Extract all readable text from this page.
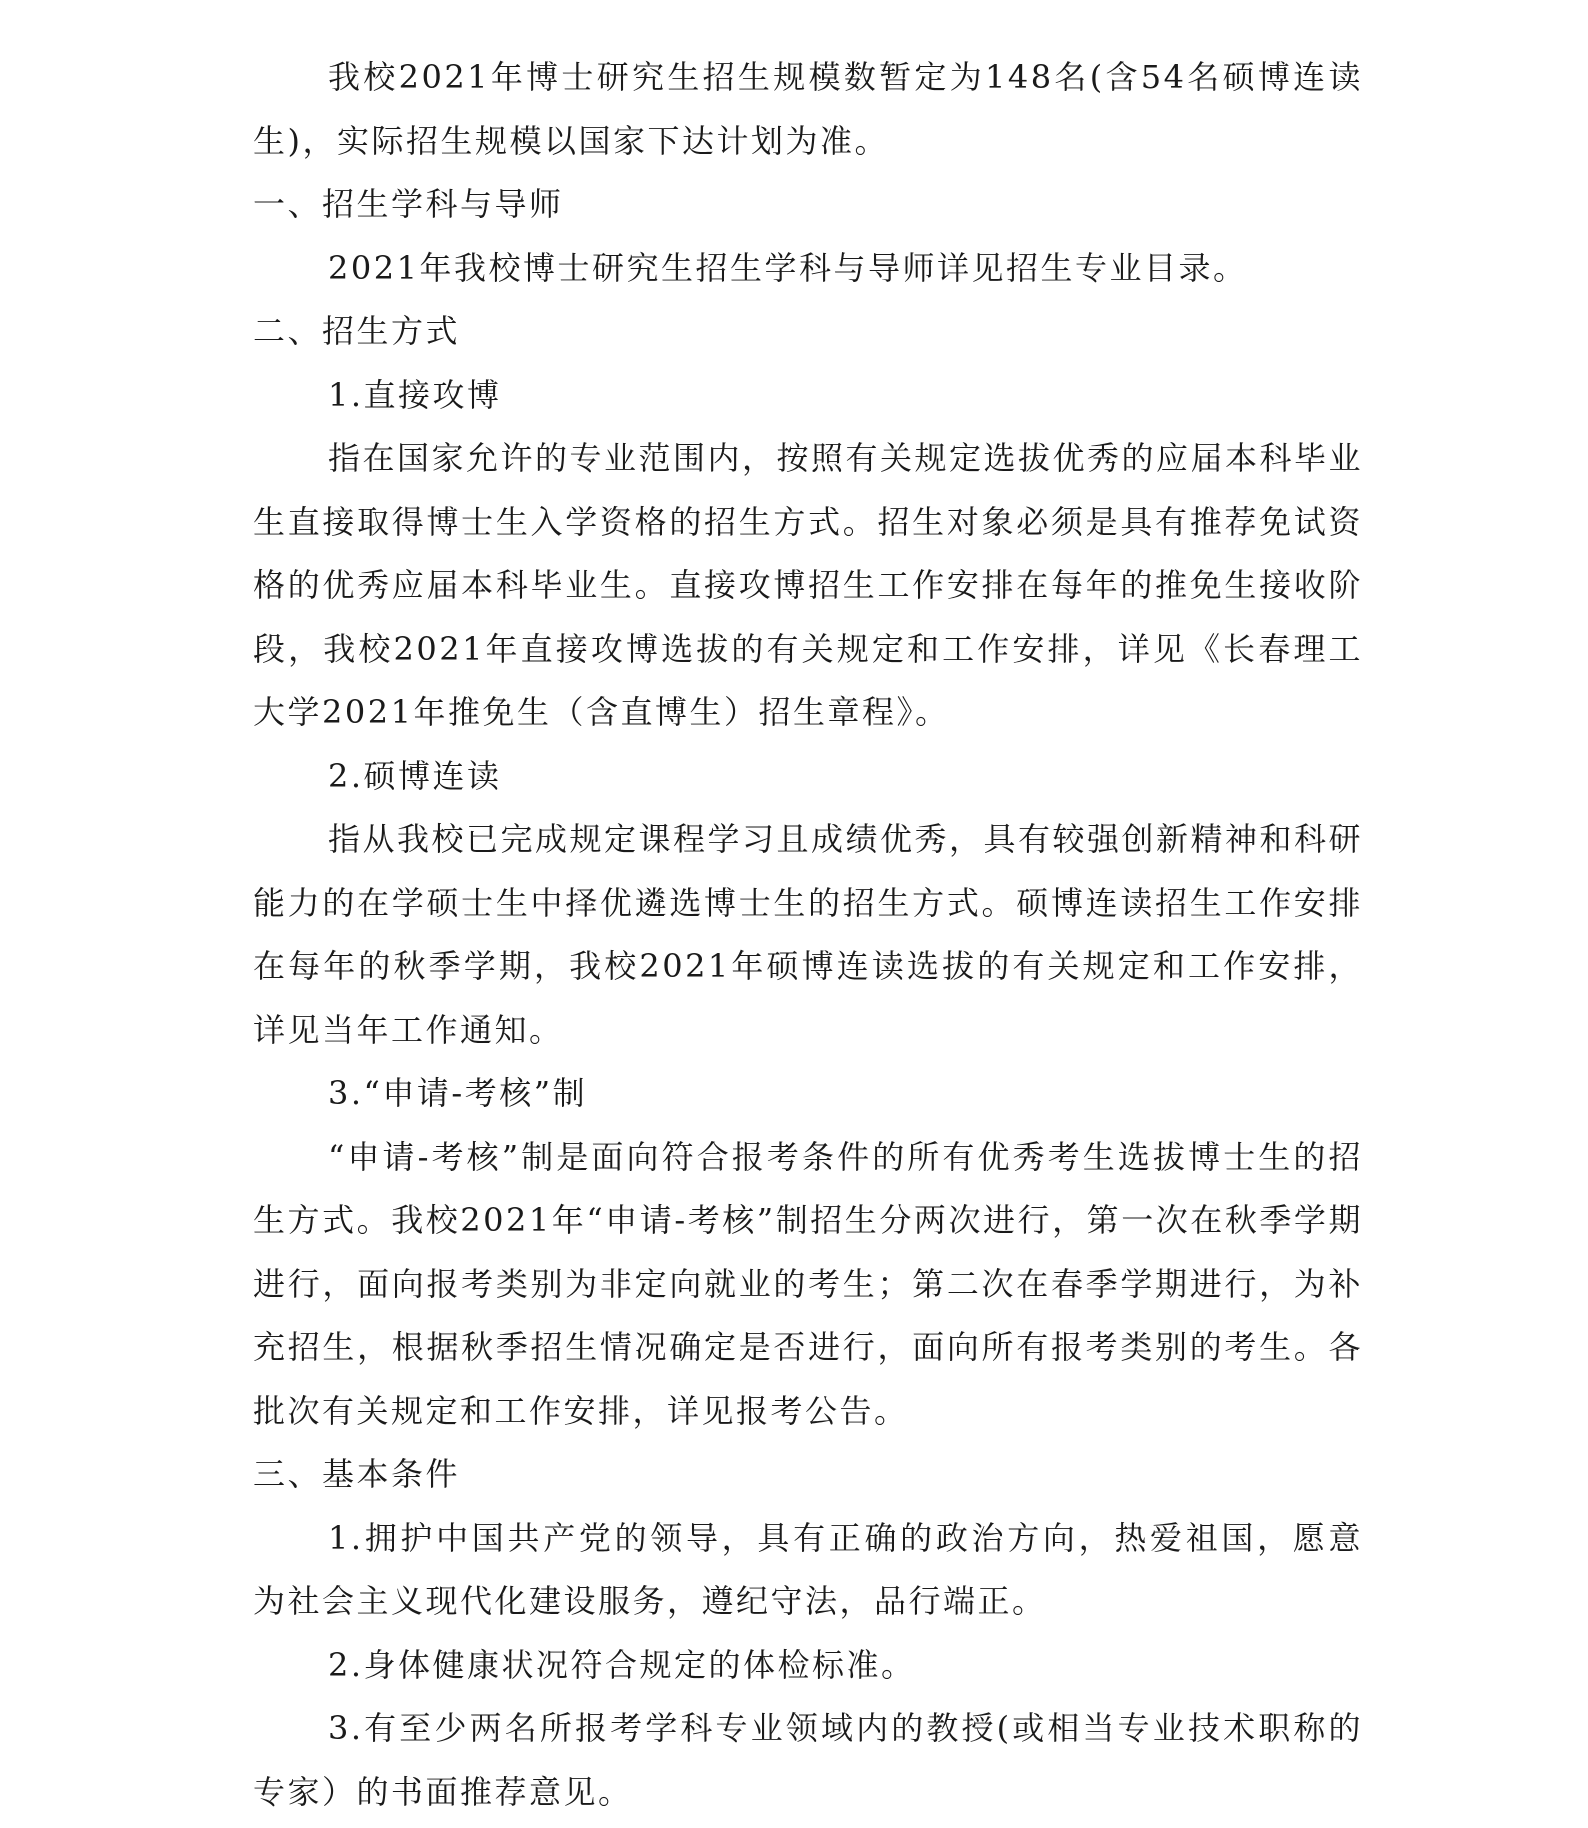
我校2021年博士研究生招生规模数暂定为148名(含54名硕博连读生)，实际招生规模以国家下达计划为准。

一、招生学科与导师

2021年我校博士研究生招生学科与导师详见招生专业目录。

二、招生方式

1.直接攻博

指在国家允许的专业范围内，按照有关规定选拔优秀的应届本科毕业生直接取得博士生入学资格的招生方式。招生对象必须是具有推荐免试资格的优秀应届本科毕业生。直接攻博招生工作安排在每年的推免生接收阶段，我校2021年直接攻博选拔的有关规定和工作安排，详见《长春理工大学2021年推免生（含直博生）招生章程》。

2.硕博连读

指从我校已完成规定课程学习且成绩优秀，具有较强创新精神和科研能力的在学硕士生中择优遴选博士生的招生方式。硕博连读招生工作安排在每年的秋季学期，我校2021年硕博连读选拔的有关规定和工作安排，详见当年工作通知。

3.“申请-考核”制

“申请-考核”制是面向符合报考条件的所有优秀考生选拔博士生的招生方式。我校2021年“申请-考核”制招生分两次进行，第一次在秋季学期进行，面向报考类别为非定向就业的考生；第二次在春季学期进行，为补充招生，根据秋季招生情况确定是否进行，面向所有报考类别的考生。各批次有关规定和工作安排，详见报考公告。

三、基本条件

1.拥护中国共产党的领导，具有正确的政治方向，热爱祖国，愿意为社会主义现代化建设服务，遵纪守法，品行端正。

2.身体健康状况符合规定的体检标准。

3.有至少两名所报考学科专业领域内的教授(或相当专业技术职称的专家）的书面推荐意见。
